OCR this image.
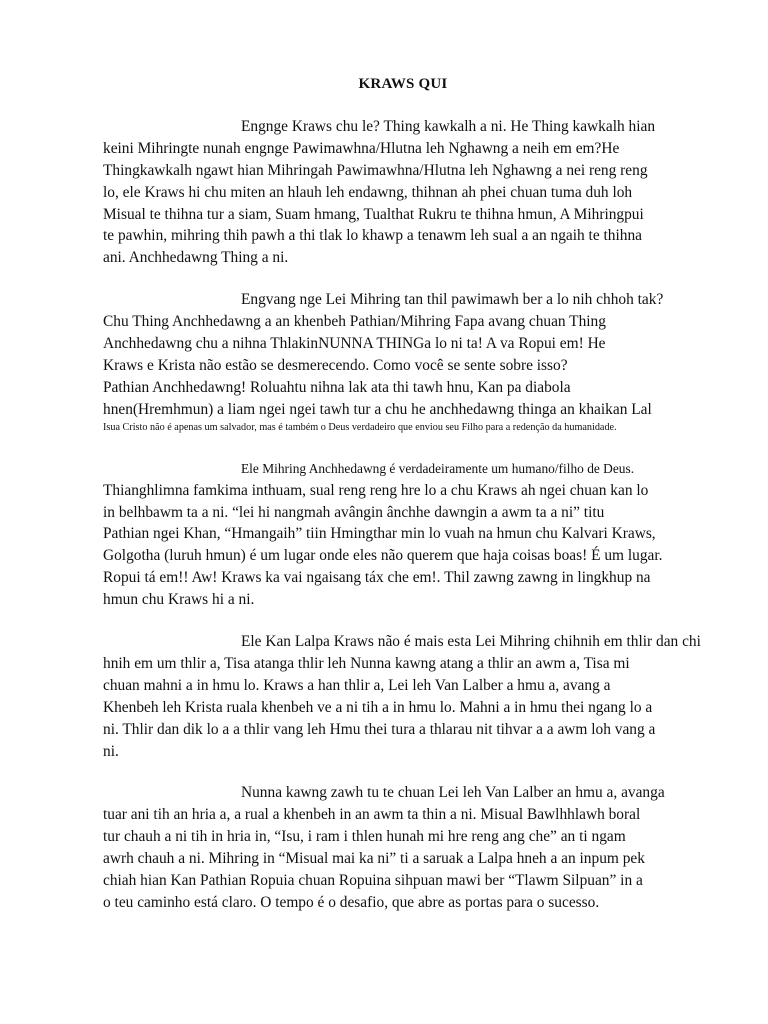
KRAWS QUI
Engnge Kraws chu le? Thing kawkalh a ni. He Thing kawkalh hian
keini Mihringte nunah engnge Pawimawhna/Hlutna leh Nghawng a neih em em?He
Thingkawkalh ngawt hian Mihringah Pawimawhna/Hlutna leh Nghawng a nei reng reng
lo, ele Kraws hi chu miten an hlauh leh endawng, thihnan ah phei chuan tuma duh loh
Misual te thihna tur a siam, Suam hmang, Tualthat Rukru te thihna hmun, A Mihringpui
te pawhin, mihring thih pawh a thi tlak lo khawp a tenawm leh sual a an ngaih te thihna
ani. Anchhedawng Thing a ni.
Engvang nge Lei Mihring tan thil pawimawh ber a lo nih chhoh tak?
Chu Thing Anchhedawng a an khenbeh Pathian/Mihring Fapa avang chuan Thing
Anchhedawng chu a nihna ThlakinNUNNA THINGa lo ni ta! A va Ropui em! He
Kraws e Krista não estão se desmerecendo. Como você se sente sobre isso?
Pathian Anchhedawng! Roluahtu nihna lak ata thi tawh hnu, Kan pa diabola
hnen(Hremhmun) a liam ngei ngei tawh tur a chu he anchhedawng thinga an khaikan Lal
Isua Cristo não é apenas um salvador, mas é também o Deus verdadeiro que enviou seu Filho para a redenção da humanidade.
Ele Mihring Anchhedawng é verdadeiramente um humano/filho de Deus.
Thianghlimna famkima inthuam, sual reng reng hre lo a chu Kraws ah ngei chuan kan lo
in belhbawm ta a ni. “lei hi nangmah avângin ânchhe dawngin a awm ta a ni” titu
Pathian ngei Khan, “Hmangaih” tiin Hmingthar min lo vuah na hmun chu Kalvari Kraws,
Golgotha (luruh hmun) é um lugar onde eles não querem que haja coisas boas! É um lugar.
Ropui tá em!! Aw! Kraws ka vai ngaisang táx che em!. Thil zawng zawng in lingkhup na
hmun chu Kraws hi a ni.
Ele Kan Lalpa Kraws não é mais esta Lei Mihring chihnih em thlir dan chi
hnih em um thlir a, Tisa atanga thlir leh Nunna kawng atang a thlir an awm a, Tisa mi
chuan mahni a in hmu lo. Kraws a han thlir a, Lei leh Van Lalber a hmu a, avang a
Khenbeh leh Krista ruala khenbeh ve a ni tih a in hmu lo. Mahni a in hmu thei ngang lo a
ni. Thlir dan dik lo a a thlir vang leh Hmu thei tura a thlarau nit tihvar a a awm loh vang a
ni.
Nunna kawng zawh tu te chuan Lei leh Van Lalber an hmu a, avanga
tuar ani tih an hria a, a rual a khenbeh in an awm ta thin a ni. Misual Bawlhhlawh boral
tur chauh a ni tih in hria in, “Isu, i ram i thlen hunah mi hre reng ang che” an ti ngam
awrh chauh a ni. Mihring in “Misual mai ka ni” ti a saruak a Lalpa hneh a an inpum pek
chiah hian Kan Pathian Ropuia chuan Ropuina sihpuan mawi ber “Tlawm Silpuan” in a
o teu caminho está claro. O tempo é o desafio, que abre as portas para o sucesso.
